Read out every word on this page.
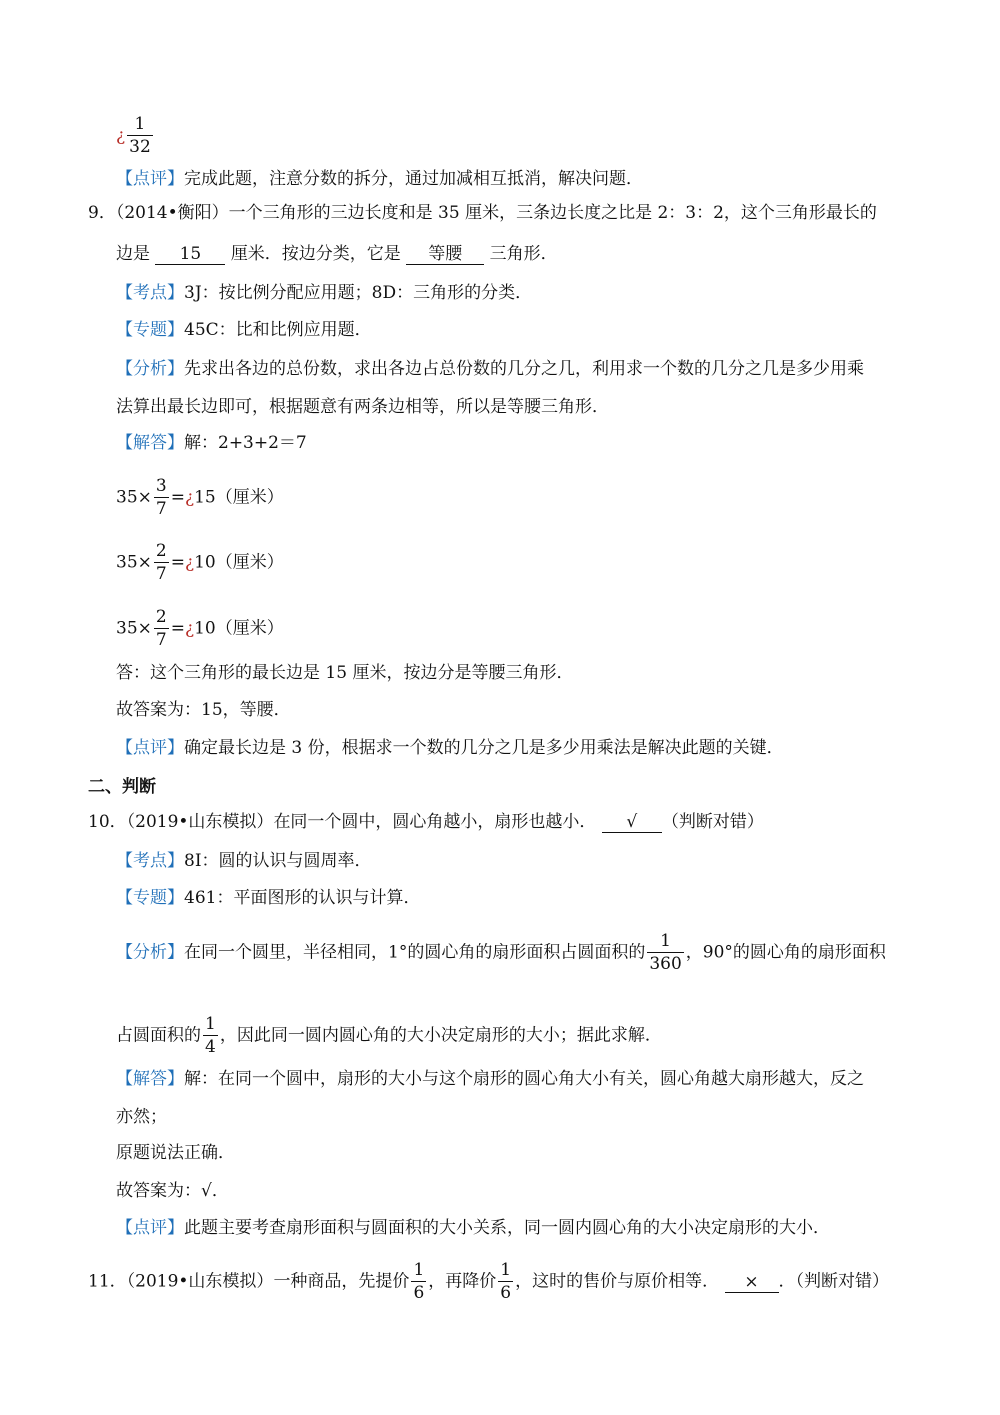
¿ $\frac{1}{32}$
【点评】完成此题，注意分数的拆分，通过加减相互抵消，解决问题．
9．（2014•衡阳）一个三角形的三边长度和是 35 厘米，三条边长度之比是 2：3：2，这个三角形最长的
边是 15 厘米．按边分类，它是 等腰 三角形．
【考点】3J：按比例分配应用题；8D：三角形的分类．
【专题】45C：比和比例应用题．
【分析】先求出各边的总份数，求出各边占总份数的几分之几，利用求一个数的几分之几是多少用乘
法算出最长边即可，根据题意有两条边相等，所以是等腰三角形．
【解答】解：2+3+2＝7
$35\times \frac{3}{7}$ =¿15（厘米）
$35\times \frac{2}{7}$ =¿10（厘米）
$35\times \frac{2}{7}$ =¿10（厘米）
答：这个三角形的最长边是 15 厘米，按边分是等腰三角形．
故答案为：15，等腰．
【点评】确定最长边是 3 份，根据求一个数的几分之几是多少用乘法是解决此题的关键．
二、判断
10．（2019•山东模拟）在同一个圆中，圆心角越小，扇形也越小． √ （判断对错）
【考点】8I：圆的认识与圆周率．
【专题】461：平面图形的认识与计算．
【分析】在同一个圆里，半径相同，1°的圆心角的扇形面积占圆面积的 $\frac{1}{360}$ ，90°的圆心角的扇形面积
占圆面积的 $\frac{1}{4}$ ，因此同一圆内圆心角的大小决定扇形的大小；据此求解．
【解答】解：在同一个圆中，扇形的大小与这个扇形的圆心角大小有关，圆心角越大扇形越大，反之
亦然；
原题说法正确．
故答案为：√．
【点评】此题主要考查扇形面积与圆面积的大小关系，同一圆内圆心角的大小决定扇形的大小．
11．（2019•山东模拟）一种商品，先提价 $\frac{1}{6}$ ，再降价 $\frac{1}{6}$ ，这时的售价与原价相等． × ．（判断对错）
